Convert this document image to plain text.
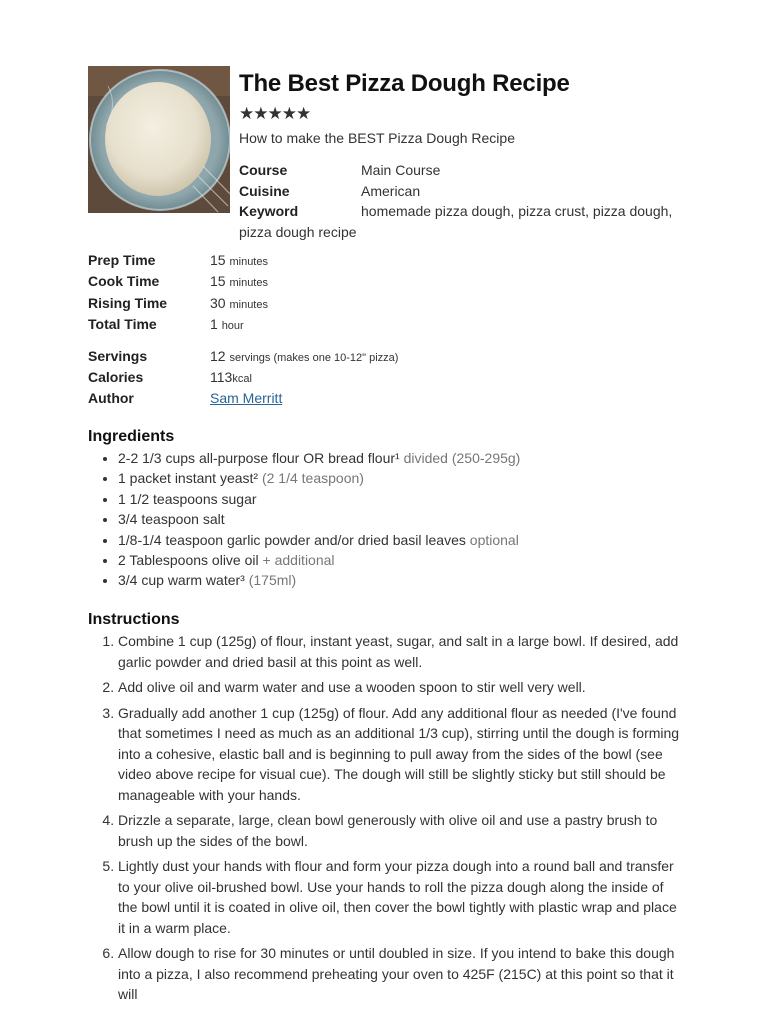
The Best Pizza Dough Recipe
★★★★★
How to make the BEST Pizza Dough Recipe
Course	Main Course
Cuisine	American
Keyword	homemade pizza dough, pizza crust, pizza dough,
pizza dough recipe
Prep Time	15 minutes
Cook Time	15 minutes
Rising Time	30 minutes
Total Time	1 hour
Servings	12 servings (makes one 10-12" pizza)
Calories	113kcal
Author	Sam Merritt
Ingredients
• 2-2 1/3 cups all-purpose flour OR bread flour¹ divided (250-295g)
• 1 packet instant yeast² (2 1/4 teaspoon)
• 1 1/2 teaspoons sugar
• 3/4 teaspoon salt
• 1/8-1/4 teaspoon garlic powder and/or dried basil leaves optional
• 2 Tablespoons olive oil + additional
• 3/4 cup warm water³ (175ml)
Instructions
1. Combine 1 cup (125g) of flour, instant yeast, sugar, and salt in a large bowl. If desired, add garlic powder and dried basil at this point as well.
2. Add olive oil and warm water and use a wooden spoon to stir well very well.
3. Gradually add another 1 cup (125g) of flour. Add any additional flour as needed (I've found that sometimes I need as much as an additional 1/3 cup), stirring until the dough is forming into a cohesive, elastic ball and is beginning to pull away from the sides of the bowl (see video above recipe for visual cue). The dough will still be slightly sticky but still should be manageable with your hands.
4. Drizzle a separate, large, clean bowl generously with olive oil and use a pastry brush to brush up the sides of the bowl.
5. Lightly dust your hands with flour and form your pizza dough into a round ball and transfer to your olive oil-brushed bowl. Use your hands to roll the pizza dough along the inside of the bowl until it is coated in olive oil, then cover the bowl tightly with plastic wrap and place it in a warm place.
6. Allow dough to rise for 30 minutes or until doubled in size. If you intend to bake this dough into a pizza, I also recommend preheating your oven to 425F (215C) at this point so that it will
